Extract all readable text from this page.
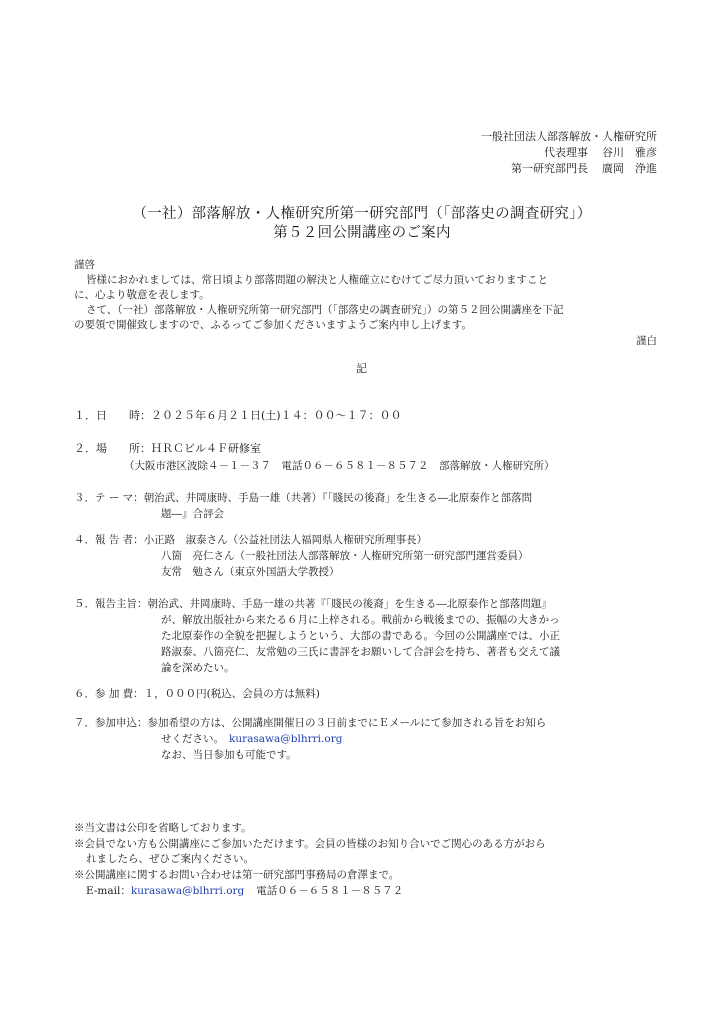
一般社団法人部落解放・人権研究所
代表理事 谷川　雅彦
第一研究部門長 廣岡　浄進
（一社）部落解放・人権研究所第一研究部門（「部落史の調査研究」）
第５２回公開講座のご案内
謹啓
皆様におかれましては、常日頃より部落問題の解決と人権確立にむけてご尽力頂いておりますこと
に、心より敬意を表します。
さて、（一社）部落解放・人権研究所第一研究部門（「部落史の調査研究」）の第５２回公開講座を下記
の要領で開催致しますので、ふるってご参加くださいますようご案内申し上げます。
謹白
記
１．日　　時：２０２５年６月２１日(土)１４：００～１７：００
２．場　　所：ＨＲＣビル４Ｆ研修室
（大阪市港区波除４－１－３７　電話０６－６５８１－８５７２　部落解放・人権研究所）
３．テ ー マ：朝治武、井岡康時、手島一雄（共著）『「賤民の後裔」を生きる―北原泰作と部落問
題―』合評会
４．報 告 者：小正路　淑泰さん（公益社団法人福岡県人権研究所理事長）
八箇　亮仁さん（一般社団法人部落解放・人権研究所第一研究部門運営委員）
友常　勉さん（東京外国語大学教授）
５．報告主旨：朝治武、井岡康時、手島一雄の共著『「賤民の後裔」を生きる―北原泰作と部落問題』
が、解放出版社から来たる６月に上梓される。戦前から戦後までの、振幅の大きかっ
た北原泰作の全貌を把握しようという、大部の書である。今回の公開講座では、小正
路淑泰、八箇亮仁、友常勉の三氏に書評をお願いして合評会を持ち、著者も交えて議
論を深めたい。
６．参 加 費：１，０００円(税込、会員の方は無料)
７．参加申込：参加希望の方は、公開講座開催日の３日前までにＥメールにて参加される旨をお知ら
せください。 kurasawa@blhrri.org
なお、当日参加も可能です。
※当文書は公印を省略しております。
※会員でない方も公開講座にご参加いただけます。会員の皆様のお知り合いでご関心のある方がおら
れましたら、ぜひご案内ください。
※公開講座に関するお問い合わせは第一研究部門事務局の倉澤まで。
E-mail：kurasawa@blhrri.org 電話０６－６５８１－８５７２
